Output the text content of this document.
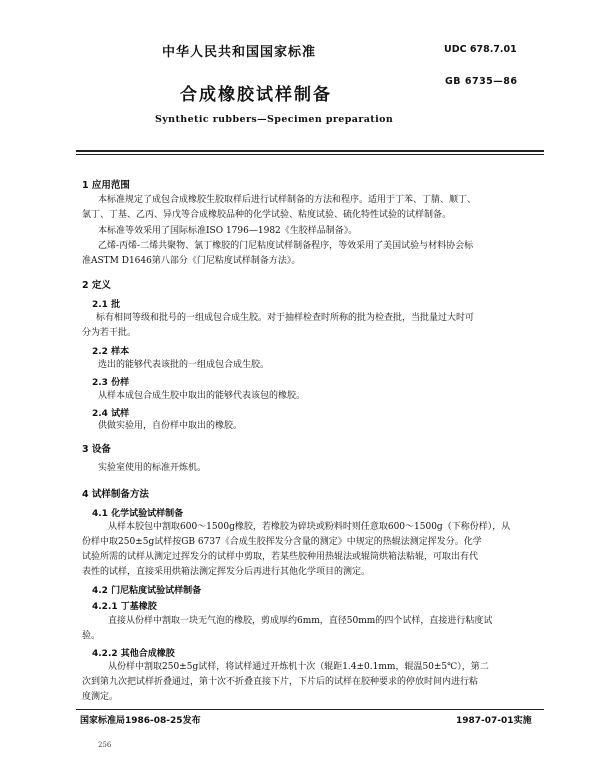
中华人民共和国国家标准	UDC 678.7.01
GB 6735—86
合成橡胶试样制备
Synthetic rubbers—Specimen preparation
1 应用范围
本标准规定了成包合成橡胶生胶取样后进行试样制备的方法和程序。适用于丁苯、丁腈、顺丁、
氯丁、丁基、乙丙、异戊等合成橡胶品种的化学试验、粘度试验、硫化特性试验的试样制备。
本标准等效采用了国际标准ISO 1796—1982《生胶样品制备》。
乙烯-丙烯-二烯共聚物、氯丁橡胶的门尼粘度试样制备程序，等效采用了美国试验与材料协会标
准ASTM D1646第八部分《门尼粘度试样制备方法》。
2 定义
2.1 批
标有相同等级和批号的一组成包合成生胶。对于抽样检查时所称的批为检查批，当批量过大时可
分为若干批。
2.2 样本
选出的能够代表该批的一组成包合成生胶。
2.3 份样
从样本成包合成生胶中取出的能够代表该包的橡胶。
2.4 试样
供做实验用，自份样中取出的橡胶。
3 设备
实验室使用的标准开炼机。
4 试样制备方法
4.1 化学试验试样制备
从样本胶包中割取600～1500g橡胶，若橡胶为碎块或粉料时则任意取600～1500g（下称份样），从
份样中取250±5g试样按GB 6737《合成生胶挥发分含量的测定》中规定的热辊法测定挥发分。化学
试验所需的试样从测定过挥发分的试样中剪取，若某些胶种用热辊法或辊筒烘箱法粘辊，可取出有代
表性的试样，直接采用烘箱法测定挥发分后再进行其他化学项目的测定。
4.2 门尼粘度试验试样制备
4.2.1 丁基橡胶
直接从份样中割取一块无气泡的橡胶，剪成厚约6mm，直径50mm的四个试样，直接进行粘度试
验。
4.2.2 其他合成橡胶
从份样中割取250±5g试样，将试样通过开炼机十次（辊距1.4±0.1mm，辊温50±5℃），第二
次到第九次把试样折叠通过，第十次不折叠直接下片，下片后的试样在胶种要求的停放时间内进行粘
度测定。
国家标准局1986-08-25发布	1987-07-01实施
256
